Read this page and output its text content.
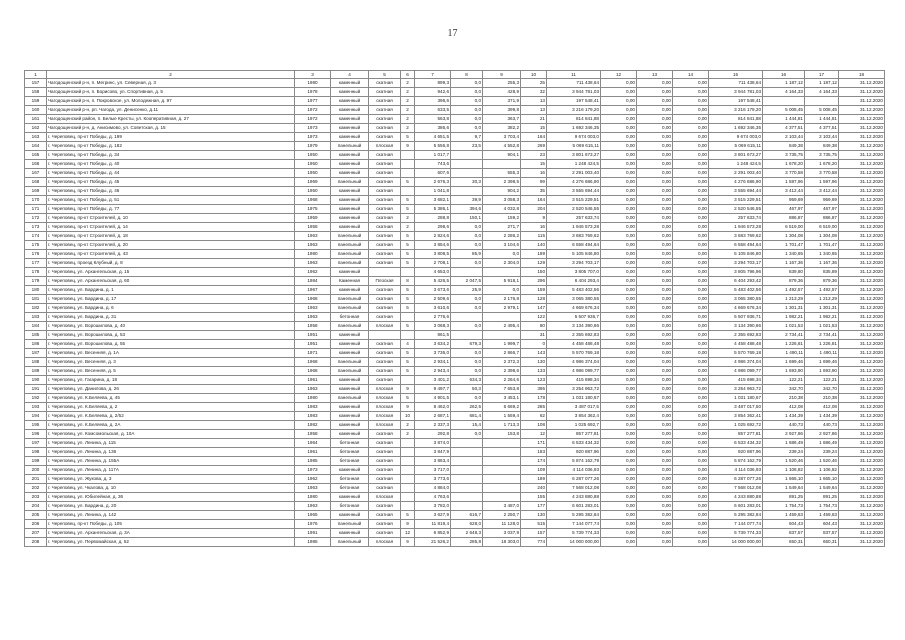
17
1	2	3	4	5	6	7	8	9	10	11	12	13	14	15	16	17	18
157	Чагодощенский р-н, п. Мегринс, ул. Северная, д. 3	1980	каменный	скатная	2	899,3	0,0	255,3	25	711 438,64	0,00	0,00	0,00	711 438,64	1 187,12	1 187,12	31.12.2020
158	Чагодощенский р-н, п. Борисово, ул. Спортивная, д. 5	1978	каменный	скатная	2	942,6	0,0	428,9	32	3 944 781,03	0,00	0,00	0,00	3 944 781,03	4 164,33	4 164,33	31.12.2020
159	Чагодощенский р-н, п. Покровское, ул. Молодежная, д. 97	1977	каменный	скатная	2	396,6	0,0	371,9	13	197 548,41	0,00	0,00	0,00	197 548,41			31.12.2020
160	Чагодощенский р-н, рп. Чагода, ул. Денисенко, д.11	1972	каменный	скатная	2	633,5	0,0	399,8	13	3 216 179,20	0,00	0,00	0,00	3 216 179,20	5 008,45	5 008,45	31.12.2020
161	Чагодощенский район, п. Белые Кресты, ул. Кооперативная, д. 27	1972	каменный	скатная	2	563,8	0,0	363,7	21	814 841,88	0,00	0,00	0,00	814 841,88	1 444,81	1 444,81	31.12.2020
162	Чагодощенский р-н, д. Анисимово, ул. Советская, д. 15	1973	каменный	скатная	2	386,6	0,0	382,2	15	1 692 346,35	0,00	0,00	0,00	1 692 346,35	4 377,51	4 377,51	31.12.2020
163	г. Череповец, пр-кт Победы, д. 199	1973	каменный	скатная	5	4 651,5	9,7	3 703,4	164	9 674 003,0	0,00	0,00	0,00	9 674 003,0	2 103,44	2 103,44	31.12.2020
164	г. Череповец, пр-кт Победы, д. 182	1979	панельный	плоская	9	5 556,8	23,5	4 552,8	269	5 069 615,11	0,00	0,00	0,00	5 069 615,11	849,38	849,38	31.12.2020
165	г. Череповец, пр-кт Победы, д. 34	1950	каменный	скатная		1 017,7		904,1	23	3 801 673,27	0,00	0,00	0,00	3 801 673,27	3 735,75	3 735,75	31.12.2020
166	г. Череповец, пр-кт Победы, д. 40	1950	каменный	скатная		743,6			15	1 248 424,5	0,00	0,00	0,00	1 248 424,5	1 678,20	1 678,20	31.12.2020
167	г. Череповец, пр-кт Победы, д. 44	1950	каменный	скатная		607,6		555,3	16	2 291 003,40	0,00	0,00	0,00	2 291 003,40	3 770,58	3 770,58	31.12.2020
168	г. Череповец, пр-кт Победы, д. 45	1969	панельный	скатная	5	2 676,3	30,3	2 398,5	99	4 276 686,90	0,00	0,00	0,00	4 276 686,90	1 597,96	1 597,96	31.12.2020
169	г. Череповец, пр-кт Победы, д. 46	1950	каменный	скатная		1 041,8		904,2	35	3 555 694,44	0,00	0,00	0,00	3 555 694,44	3 412,44	3 412,44	31.12.2020
170	г. Череповец, пр-кт Победы, д. 51	1968	каменный	скатная	5	3 682,1	39,9	3 058,3	164	3 515 229,51	0,00	0,00	0,00	3 515 229,51	959,69	959,69	31.12.2020
171	г. Череповец, пр-кт Победы, д. 77	1975	каменный	скатная	5	5 386,1	394,6	4 032,8	204	2 520 546,55	0,00	0,00	0,00	2 520 546,55	467,97	467,97	31.12.2020
172	г. Череповец, пр-кт Строителей, д. 10	1959	каменный	скатная	2	288,8	150,1	159,2	9	257 633,74	0,00	0,00	0,00	257 633,74	886,87	886,87	31.12.2020
173	г. Череповец, пр-кт Строителей, д. 14	1958	каменный	скатная	2	298,6	0,0	271,7	16	1 946 573,28	0,00	0,00	0,00	1 946 573,28	6 519,00	6 519,00	31.12.2020
174	г. Череповец, пр-кт Строителей, д. 18	1963	панельный	скатная	5	2 824,6	0,0	2 286,2	115	3 683 769,62	0,00	0,00	0,00	3 683 769,62	1 304,08	1 304,08	31.12.2020
175	г. Череповец, пр-кт Строителей, д. 20	1963	панельный	скатная	5	3 854,6	0,0	3 104,6	140	6 558 494,64	0,00	0,00	0,00	6 558 494,64	1 701,47	1 701,47	31.12.2020
176	г. Череповец, пр-кт Строителей, д. 43	1980	панельный	скатная	5	3 808,5	85,9	0,0	189	5 105 846,80	0,00	0,00	0,00	5 105 846,80	1 340,65	1 340,65	31.12.2020
177	г. Череповец, проезд Клубный, д. 8	1963	панельный	скатная	5	2 708,1	0,0	2 304,0	129	3 294 703,17	0,00	0,00	0,00	3 294 703,17	1 167,36	1 167,36	31.12.2020
178	г. Череповец, ул. Архангельская, д. 15	1962	каменный			4 653,0			150	3 805 707,0	0,00	0,00	0,00	3 805 796,96	839,80	835,89	31.12.2020
179	г. Череповец, ул. Архангельская, д. 60	1984	Каменная	Плоская	8	5 426,5	2 047,5	5 918,1	296	6 404 293,4	0,00	0,00	0,00	6 404 293,42	879,36	879,36	31.12.2020
180	г. Череповец, ул. Бардина, д. 1	1967	каменный	скатная	5	3 673,6	25,9	0,0	159	5 483 402,56	0,00	0,00	0,00	5 483 402,56	1 492,57	1 492,57	31.12.2020
181	г. Череповец, ул. Бардина, д. 17	1968	панельный	скатная	5	2 509,6	0,0	2 176,8	128	3 065 380,55	0,00	0,00	0,00	3 065 380,55	1 213,29	1 213,29	31.12.2020
182	г. Череповец, ул. Бардина, д. 6	1963	панельный	скатная	5	3 610,6	0,0	2 979,1	147	4 669 676,34	0,00	0,00	0,00	4 669 676,34	1 301,31	1 301,31	31.12.2020
183	г. Череповец, ул. Бардина, д. 31	1963	бетонная	скатная		2 776,6			122	5 507 936,7	0,00	0,00	0,00	5 507 936,71	1 982,21	1 982,21	31.12.2020
184	г. Череповец, ул. Ворошилова, д. 40	1958	панельный	плоская	5	3 068,3	0,0	2 495,4	80	3 134 390,86	0,00	0,00	0,00	3 134 390,86	1 021,53	1 021,53	31.12.2020
185	г. Череповец, ул. Ворошилова, д. 53	1951	каменный			861,5			31	2 355 692,83	0,00	0,00	0,00	2 355 692,83	2 734,41	2 734,41	31.12.2020
186	г. Череповец, ул. Ворошилова, д. 55	1951	каменный	скатная	4	3 634,2	679,3	1 999,7	0	4 458 488,48	0,00	0,00	0,00	4 458 488,48	1 226,81	1 226,81	31.12.2020
187	г. Череповец, ул. Весенняя, д. 1А	1971	каменный	скатная	5	3 736,0	0,0	2 866,7	143	5 570 769,18	0,00	0,00	0,00	5 570 769,18	1 490,11	1 490,11	31.12.2020
188	г. Череповец, ул. Весенняя, д. 3	1968	панельный	скатная	5	2 934,1	0,0	2 372,3	130	4 986 374,04	0,00	0,00	0,00	4 986 374,04	1 699,46	1 699,46	31.12.2020
189	г. Череповец, ул. Весенняя, д. 5	1968	панельный	скатная	5	2 943,4	0,0	2 398,6	133	4 986 099,77	0,00	0,00	0,00	4 986 099,77	1 693,90	1 693,90	31.12.2020
190	г. Череповец, ул. Гагарина, д. 18	1961	каменный	скатная		3 401,2	634,3	2 264,6	123	415 698,34	0,00	0,00	0,00	415 698,34	122,21	122,21	31.12.2020
191	г. Череповец, ул. Данилова, д. 26	1963	каменный	плоская	9	9 497,7	50,3	7 653,8	395	3 254 963,72	0,00	0,00	0,00	3 254 963,72	342,70	342,70	31.12.2020
192	г. Череповец, ул. К.Беляева, д. 45	1980	панельный	плоская	5	4 901,5	0,0	3 453,1	178	1 031 180,67	0,00	0,00	0,00	1 031 180,67	210,38	210,38	31.12.2020
193	г. Череповец, ул. К.Беляева, д. 2	1983	каменный	плоская	9	8 462,0	262,5	6 669,2	285	3 487 017,5	0,00	0,00	0,00	3 487 017,50	412,08	412,08	31.12.2020
194	г. Череповец, ул. К.Беляева, д. 2/52	1983	каменный	плоская	10	2 687,1	681,4	1 559,4	62	3 854 362,4	0,00	0,00	0,00	3 854 362,41	1 434,39	1 434,39	31.12.2020
195	г. Череповец, ул. К.Беляева, д. 2А	1982	каменный	плоская	2	2 337,3	15,4	1 713,3	108	1 025 692,7	0,00	0,00	0,00	1 025 692,72	440,73	440,73	31.12.2020
196	г. Череповец, ул. Комсомольская, д. 10А	1958	каменный	скатная	2	292,8	0,0	153,8	12	857 277,81	0,00	0,00	0,00	857 277,81	2 927,86	2 927,86	31.12.2020
197	г. Череповец, ул. Ленина, д. 115	1964	бетонная	скатная		3 874,0			171	6 533 434,32	0,00	0,00	0,00	6 533 434,32	1 686,49	1 686,49	31.12.2020
198	г. Череповец, ул. Ленина, д. 136	1961	бетонная	скатная		3 847,9			183	920 887,96	0,00	0,00	0,00	920 887,96	239,24	239,24	31.12.2020
199	г. Череповец, ул. Ленина, д. 155А	1985	бетонная	скатная		3 863,4			174	5 874 162,79	0,00	0,00	0,00	5 874 162,79	1 520,46	1 520,46	31.12.2020
200	г. Череповец, ул. Ленина, д. 117А	1973	каменный	скатная		3 717,0			109	4 114 036,93	0,00	0,00	0,00	4 114 036,93	1 106,82	1 106,82	31.12.2020
201	г. Череповец, ул. Жукова, д. 3	1962	бетонная	скатная		3 773,6			189	6 287 077,26	0,00	0,00	0,00	6 287 077,26	1 665,10	1 665,10	31.12.2020
202	г. Череповец, ул. Чкалова, д. 10	1963	бетонная	скатная		4 884,0			240	7 568 012,08	0,00	0,00	0,00	7 568 012,08	1 549,64	1 549,64	31.12.2020
203	г. Череповец, ул. Юбилейная, д. 36	1980	каменный	плоская		4 763,6			155	4 243 880,88	0,00	0,00	0,00	4 243 880,88	891,25	891,25	31.12.2020
204	г. Череповец, ул. Бардина, д. 20	1963	бетонная	скатная		3 782,0		3 487,0	177	6 601 283,01	0,00	0,00	0,00	6 601 283,01	1 754,73	1 754,73	31.12.2020
205	г. Череповец, ул. Ленина, д. 142	1965	каменный	скатная	5	3 627,9	616,7	2 250,7	130	5 295 382,84	0,00	0,00	0,00	5 295 382,84	1 459,63	1 459,63	31.12.2020
206	г. Череповец, пр-кт Победы, д. 105	1976	панельный	скатная	9	11 819,4	628,0	11 128,0	515	7 144 077,74	0,00	0,00	0,00	7 144 077,74	604,43	604,43	31.12.2020
207	г. Череповец, ул. Архангельская, д. 3А	1991	каменный	скатная	12	6 852,9	2 648,3	3 037,9	157	5 739 774,33	0,00	0,00	0,00	5 739 774,33	837,57	837,57	31.12.2020
208	г. Череповец, ул. Первомайская, д. 52	1985	панельный	плоская	9	21 526,2	285,8	18 303,0	774	14 000 000,00	0,00	0,00	0,00	14 000 000,00	650,31	650,31	31.12.2020
